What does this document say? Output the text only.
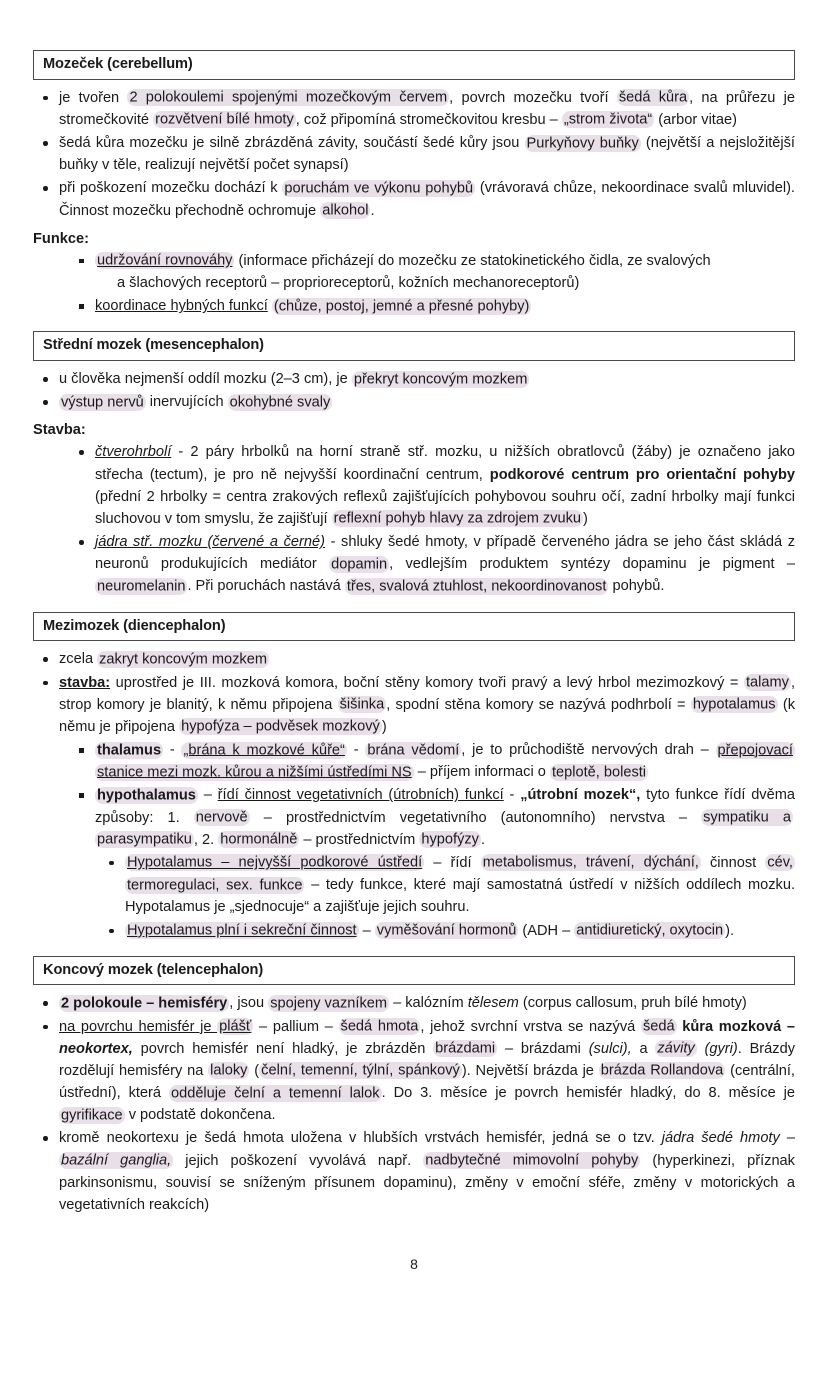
Mozeček (cerebellum)
je tvořen 2 polokoulemi spojenými mozečkovým červem , povrch mozečku tvoří šedá kůra , na průřezu je stromečkovité rozvětvení bílé hmoty , což připomíná stromečkovitou kresbu – „strom života“ (arbor vitae)
šedá kůra mozečku je silně zbrázděná závity, součástí šedé kůry jsou Purkyňovy buňky (největší a nejsložitější buňky v těle, realizují největší počet synapsí)
při poškození mozečku dochází k poruchám ve výkonu pohybů (vrávoravá chůze, nekoordinace svalů mluvidel). Činnost mozečku přechodně ochromuje alkohol .
Funkce:
udržování rovnováhy (informace přicházejí do mozečku ze statokinetického čidla, ze svalových
a šlachových receptorů – proprioreceptorů, kožních mechanoreceptorů)
koordinace hybných funkcí (chůze, postoj, jemné a přesné pohyby)
Střední mozek (mesencephalon)
u člověka nejmenší oddíl mozku (2–3 cm), je překryt koncovým mozkem
výstup nervů inervujících okohybné svaly
Stavba:
čtverohrbolí - 2 páry hrbolků na horní straně stř. mozku, u nižších obratlovců (žáby) je označeno jako střecha (tectum), je pro ně nejvyšší koordinační centrum, podkorové centrum pro orientační pohyby (přední 2 hrbolky = centra zrakových reflexů zajišťujících pohybovou souhru očí, zadní hrbolky mají funkci sluchovou v tom smyslu, že zajišťují reflexní pohyb hlavy za zdrojem zvuku )
jádra stř. mozku (červené a černé) - shluky šedé hmoty, v případě červeného jádra se jeho část skládá z neuronů produkujících mediátor dopamin , vedlejším produktem syntézy dopaminu je pigment – neuromelanin . Při poruchách nastává třes, svalová ztuhlost, nekoordinovanost pohybů.
Mezimozek (diencephalon)
zcela zakryt koncovým mozkem
stavba: uprostřed je III. mozková komora, boční stěny komory tvoři pravý a levý hrbol mezimozkový = talamy , strop komory je blanitý, k němu připojena šišinka , spodní stěna komory se nazývá podhrbolí = hypotalamus (k němu je připojena hypofýza – podvěsek mozkový )
thalamus - „brána k mozkové kůře“ - brána vědomí , je to průchodiště nervových drah – přepojovací stanice mezi mozk. kůrou a nižšími ústředími NS – příjem informaci o teplotě, bolesti
hypothalamus – řídí činnost vegetativních (útrobních) funkcí - „útrobní mozek“, tyto funkce řídí dvěma způsoby: 1. nervově – prostřednictvím vegetativního (autonomního) nervstva – sympatiku a parasympatiku , 2. hormonálně – prostřednictvím hypofýzy .
Hypotalamus – nejvyšší podkorové ústředí – řídí metabolismus, trávení, dýchání, činnost cév, termoregulaci, sex. funkce – tedy funkce, které mají samostatná ústředí v nižších oddílech mozku. Hypotalamus je „sjednocuje“ a zajišťuje jejich souhru.
Hypotalamus plní i sekreční činnost – vyměšování hormonů (ADH – antidiuretický, oxytocin ).
Koncový mozek (telencephalon)
2 polokoule – hemisféry , jsou spojeny vazníkem – kalózním tělesem (corpus callosum, pruh bílé hmoty)
na povrchu hemisfér je plášť – pallium – šedá hmota , jehož svrchní vrstva se nazývá šedá kůra mozková – neokortex, povrch hemisfér není hladký, je zbrázděn brázdami – brázdami (sulci), a závity (gyri). Brázdy rozdělují hemisféry na laloky ( čelní, temenní, týlní, spánkový ). Největší brázda je brázda Rollandova (centrální, ústřední), která odděluje čelní a temenní lalok . Do 3. měsíce je povrch hemisfér hladký, do 8. měsíce je gyrifikace v podstatě dokončena.
kromě neokortexu je šedá hmota uložena v hlubších vrstvách hemisfér, jedná se o tzv. jádra šedé hmoty – bazální ganglia, jejich poškození vyvolává např. nadbytečné mimovolní pohyby (hyperkinezi, příznak parkinsonismu, souvisí se sníženým přísunem dopaminu), změny v emoční sféře, změny v motorických a vegetativních reakcích)
8
